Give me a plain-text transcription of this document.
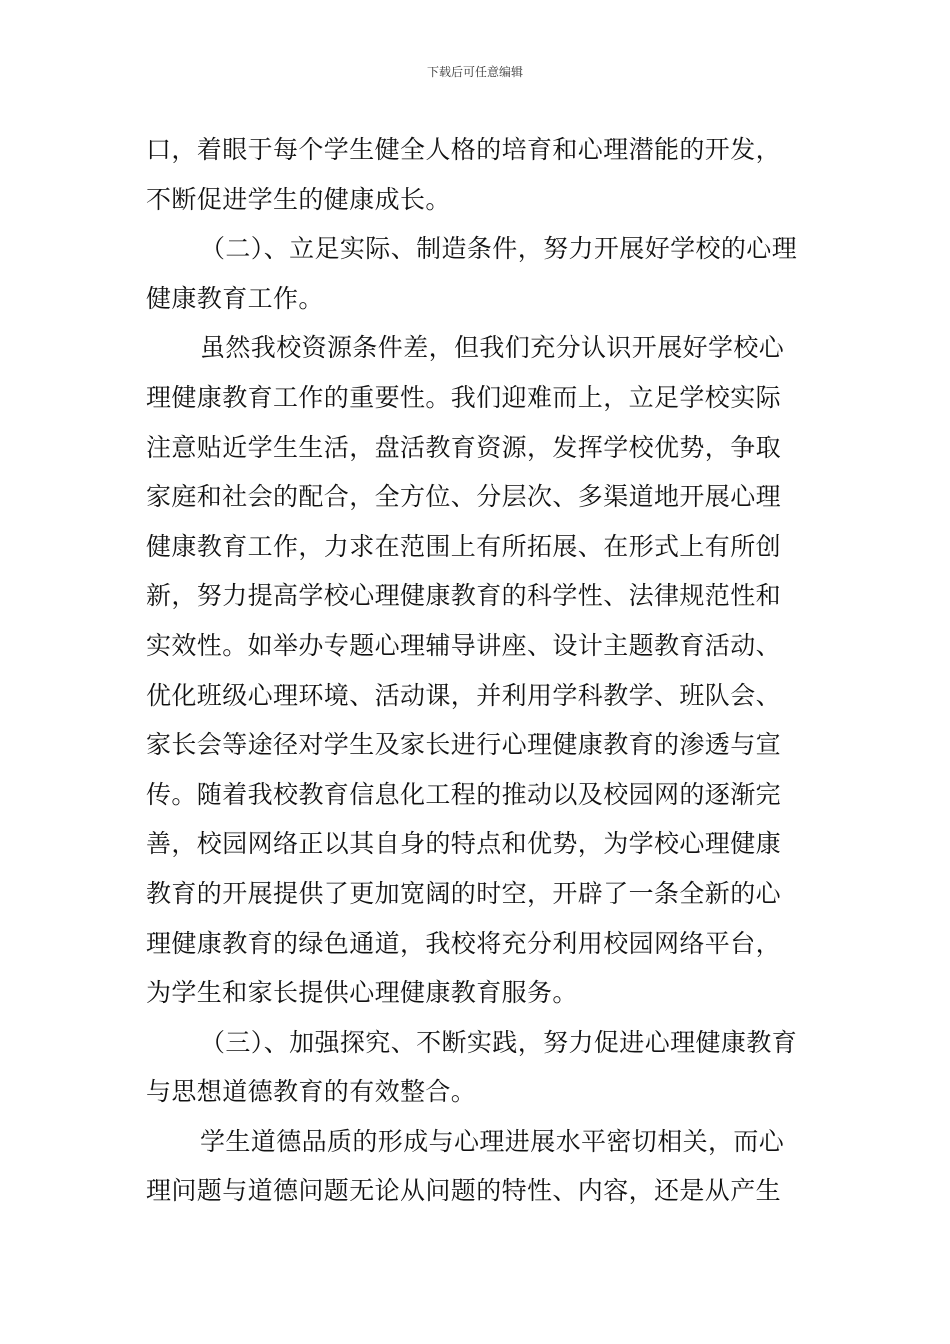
下载后可任意编辑
口，着眼于每个学生健全人格的培育和心理潜能的开发，
不断促进学生的健康成长。
（二）、立足实际、制造条件，努力开展好学校的心理
健康教育工作。
虽然我校资源条件差，但我们充分认识开展好学校心
理健康教育工作的重要性。我们迎难而上，立足学校实际
注意贴近学生生活，盘活教育资源，发挥学校优势，争取
家庭和社会的配合，全方位、分层次、多渠道地开展心理
健康教育工作，力求在范围上有所拓展、在形式上有所创
新，努力提高学校心理健康教育的科学性、法律规范性和
实效性。如举办专题心理辅导讲座、设计主题教育活动、
优化班级心理环境、活动课，并利用学科教学、班队会、
家长会等途径对学生及家长进行心理健康教育的渗透与宣
传。随着我校教育信息化工程的推动以及校园网的逐渐完
善，校园网络正以其自身的特点和优势，为学校心理健康
教育的开展提供了更加宽阔的时空，开辟了一条全新的心
理健康教育的绿色通道，我校将充分利用校园网络平台，
为学生和家长提供心理健康教育服务。
（三）、加强探究、不断实践，努力促进心理健康教育
与思想道德教育的有效整合。
学生道德品质的形成与心理进展水平密切相关，而心
理问题与道德问题无论从问题的特性、内容，还是从产生
